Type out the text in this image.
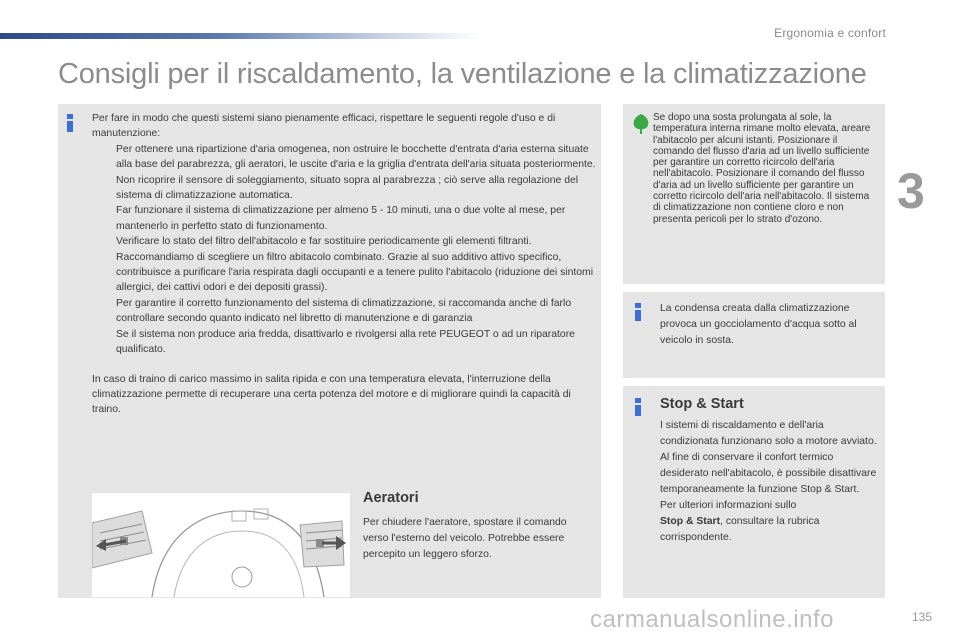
Ergonomia e confort
Consigli per il riscaldamento, la ventilazione e la climatizzazione
3

Per fare in modo che questi sistemi siano pienamente efficaci, rispettare le seguenti regole d'uso e di manutenzione:

Per ottenere una ripartizione d'aria omogenea, non ostruire le bocchette d'entrata d'aria esterna situate alla base del parabrezza, gli aeratori, le uscite d'aria e la griglia d'entrata dell'aria situata posteriormente.
Non ricoprire il sensore di soleggiamento, situato sopra al parabrezza ; ciò serve alla regolazione del sistema di climatizzazione automatica.
Far funzionare il sistema di climatizzazione per almeno 5 - 10 minuti, una o due volte al mese, per mantenerlo in perfetto stato di funzionamento.
Verificare lo stato del filtro dell'abitacolo e far sostituire periodicamente gli elementi filtranti.
Raccomandiamo di scegliere un filtro abitacolo combinato. Grazie al suo additivo attivo specifico, contribuisce a purificare l'aria respirata dagli occupanti e a tenere pulito l'abitacolo (riduzione dei sintomi allergici, dei cattivi odori e dei depositi grassi).
Per garantire il corretto funzionamento del sistema di climatizzazione, si raccomanda anche di farlo controllare secondo quanto indicato nel libretto di manutenzione e di garanzia
Se il sistema non produce aria fredda, disattivarlo e rivolgersi alla rete PEUGEOT o ad un riparatore qualificato.

In caso di traino di carico massimo in salita ripida e con una temperatura elevata, l'interruzione della climatizzazione permette di recuperare una certa potenza del motore e di migliorare quindi la capacità di traino.

Aeratori
Per chiudere l'aeratore, spostare il comando verso l'esterno del veicolo. Potrebbe essere percepito un leggero sforzo.
Se dopo una sosta prolungata al sole, la temperatura interna rimane molto elevata, areare l'abitacolo per alcuni istanti. Posizionare il comando del flusso d'aria ad un livello sufficiente per garantire un corretto ricircolo dell'aria nell'abitacolo. Posizionare il comando del flusso d'aria ad un livello sufficiente per garantire un corretto ricircolo dell'aria nell'abitacolo. Il sistema di climatizzazione non contiene cloro e non presenta pericoli per lo strato d'ozono.
La condensa creata dalla climatizzazione provoca un gocciolamento d'acqua sotto al veicolo in sosta.
Stop & Start

I sistemi di riscaldamento e dell'aria condizionata funzionano solo a motore avviato.

Al fine di conservare il confort termico desiderato nell'abitacolo, è possibile disattivare temporaneamente la funzione Stop & Start.

Per ulteriori informazioni sullo
Stop & Start, consultare la rubrica corrispondente.

carmanualsonline.info	135
